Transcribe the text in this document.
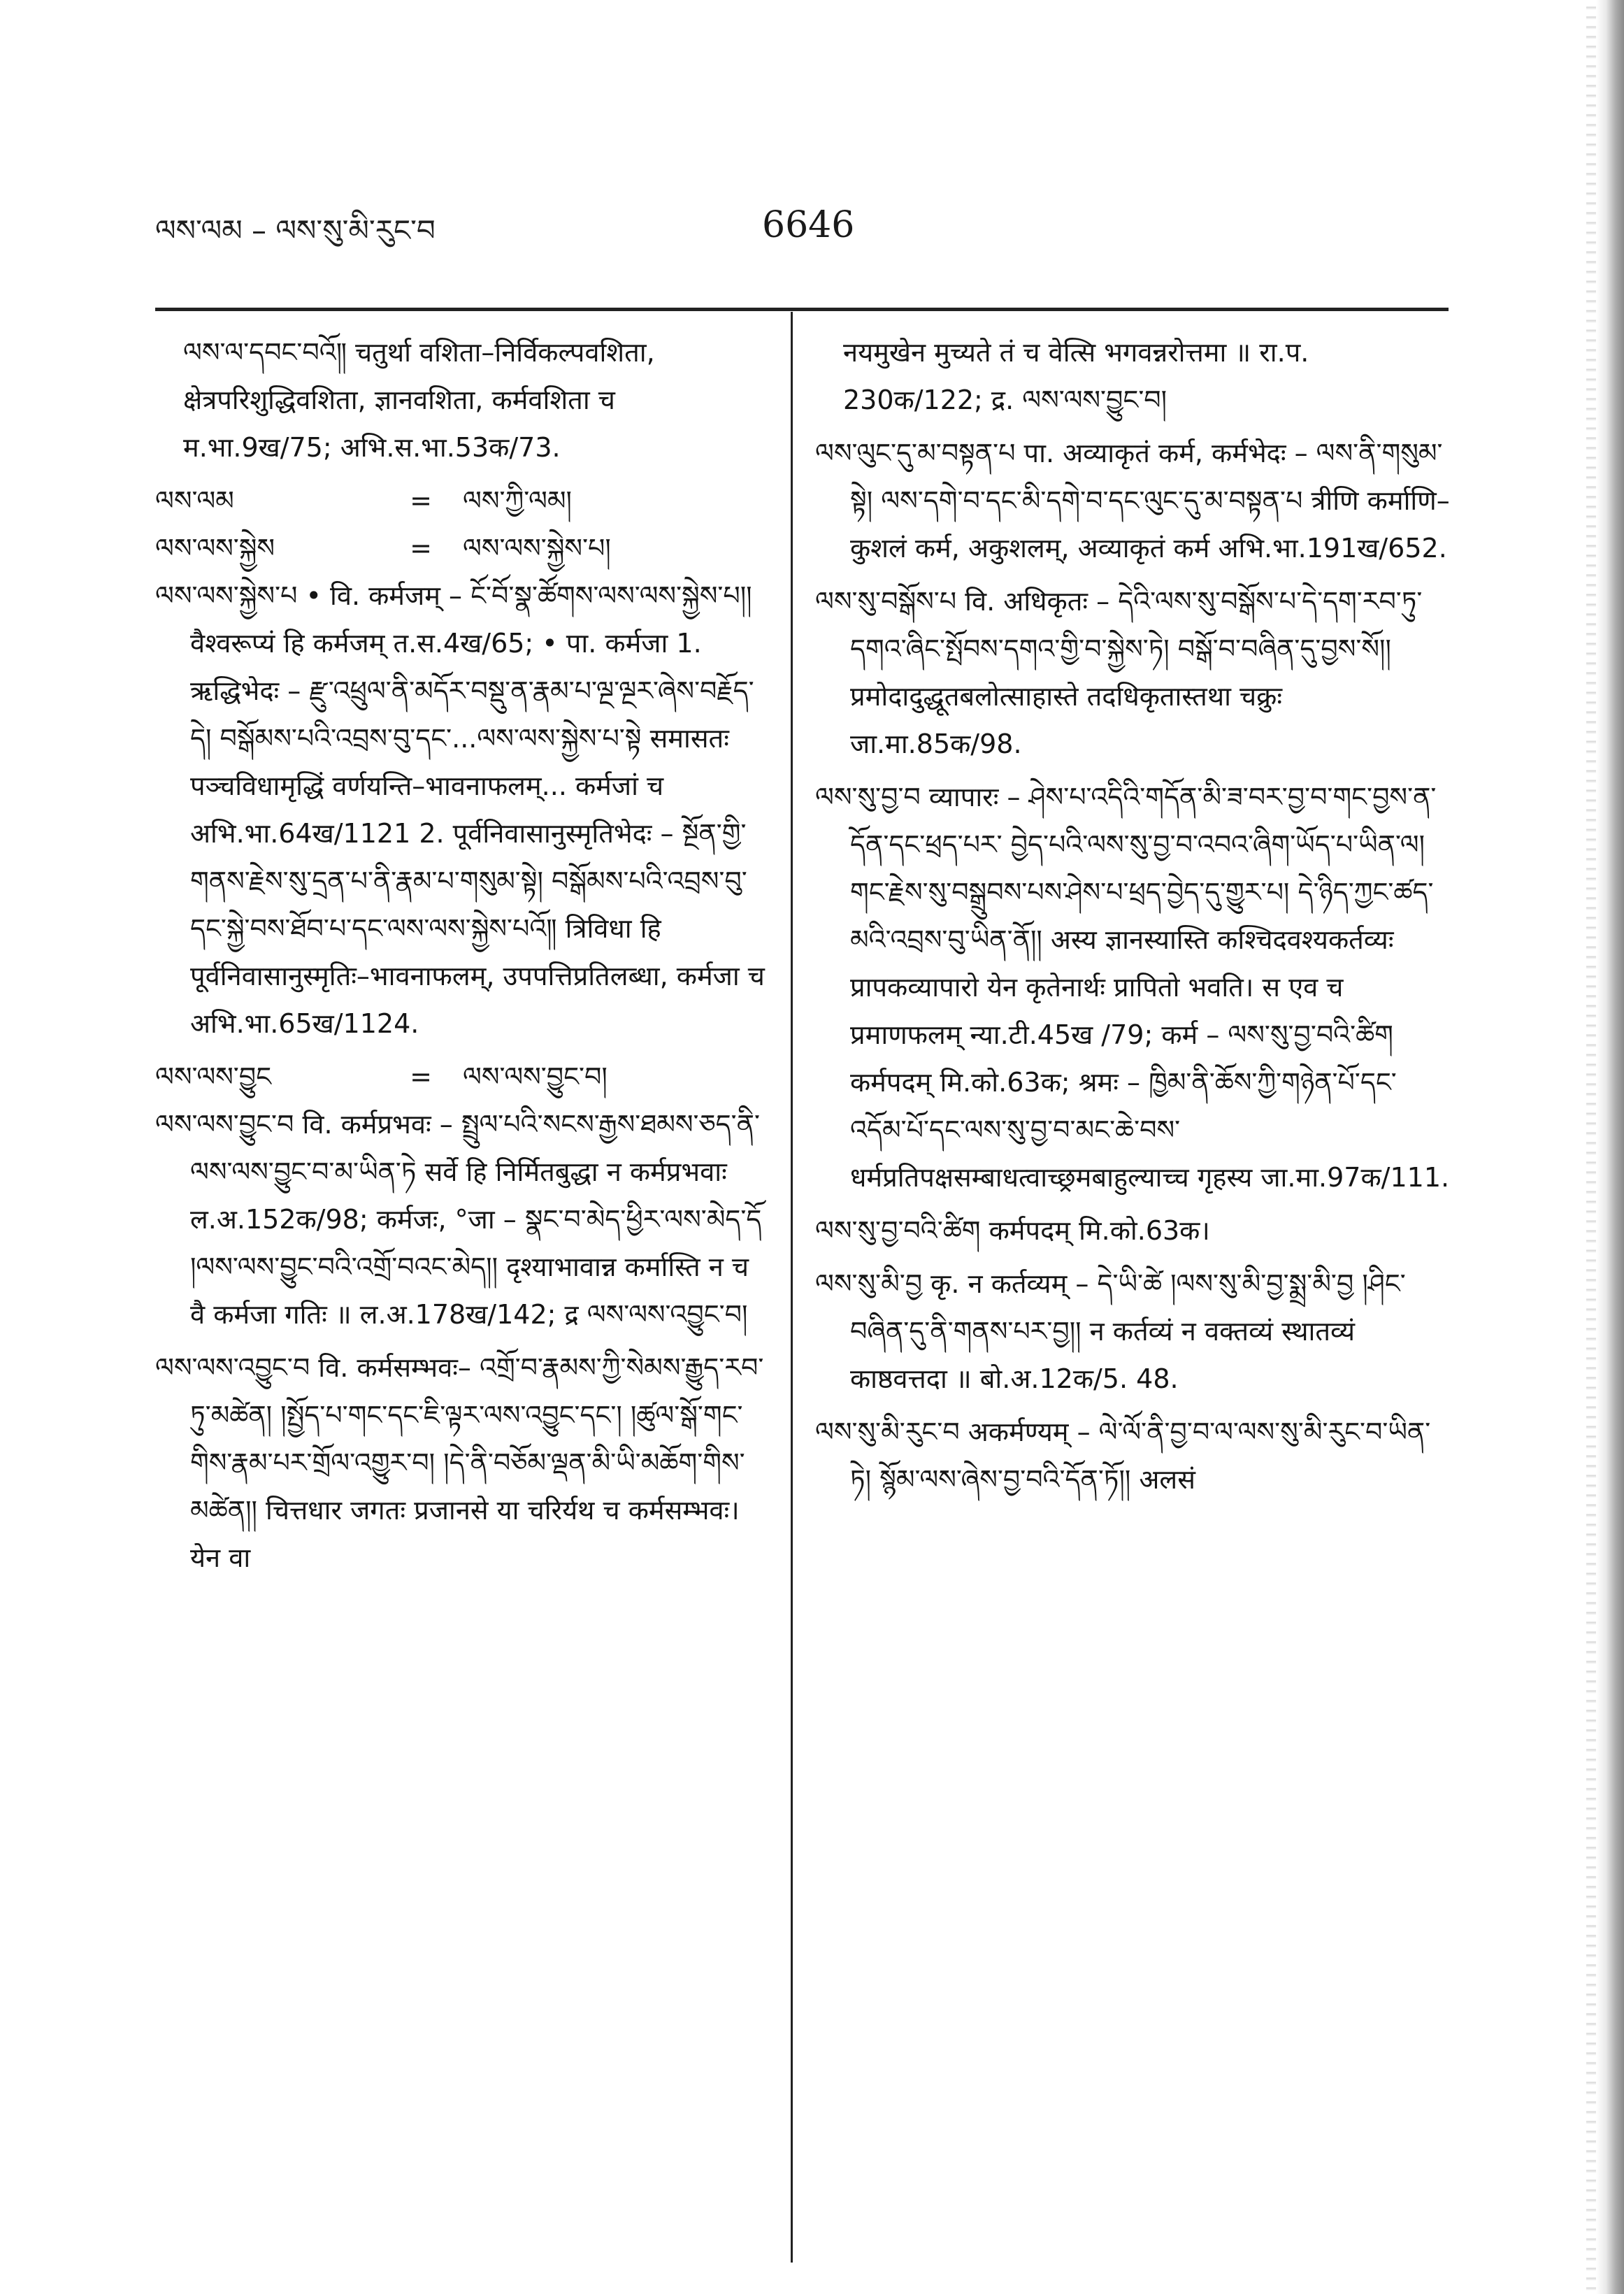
ལས་ལམ – ལས་སུ་མི་རུང་བ	6646

ལས་ལ་དབང་བའོ༎ चतुर्था वशिता–निर्विकल्पवशिता, क्षेत्रपरिशुद्धिवशिता, ज्ञानवशिता, कर्मवशिता च म.भा.9ख/75; अभि.स.भा.53क/73.

ལས་ལམ	=	ལས་ཀྱི་ལམ།
ལས་ལས་སྐྱེས	=	ལས་ལས་སྐྱེས་པ།

ལས་ལས་སྐྱེས་པ • वि. कर्मजम् – ངོ་བོ་སྣ་ཚོགས་ལས་ལས་སྐྱེས་པ།། वैश्वरूप्यं हि कर्मजम् त.स.4ख/65; • पा. कर्मजा 1. ऋद्धिभेदः – རྫུ་འཕྲུལ་ནི་མདོར་བསྡུ་ན་རྣམ་པ་ལྔ་ལྔར་ཞེས་བརྗོད་དེ། བསྒོམས་པའི་འབྲས་བུ་དང་...ལས་ལས་སྐྱེས་པ་སྟེ समासतः पञ्चविधामृद्धिं वर्णयन्ति–भावनाफलम्... कर्मजां च अभि.भा.64ख/1121 2. पूर्वनिवासानुस्मृतिभेदः – སྔོན་གྱི་གནས་རྗེས་སུ་དྲན་པ་ནི་རྣམ་པ་གསུམ་སྟེ། བསྒོམས་པའི་འབྲས་བུ་དང་སྐྱེ་བས་ཐོབ་པ་དང་ལས་ལས་སྐྱེས་པའོ༎ त्रिविधा हि पूर्वनिवासानुस्मृतिः–भावनाफलम्, उपपत्तिप्रतिलब्धा, कर्मजा च अभि.भा.65ख/1124.

ལས་ལས་བྱུང	=	ལས་ལས་བྱུང་བ།

ལས་ལས་བྱུང་བ वि. कर्मप्रभवः – སྤྲུལ་པའི་སངས་རྒྱས་ཐམས་ཅད་ནི་ལས་ལས་བྱུང་བ་མ་ཡིན་ཏེ सर्वे हि निर्मितबुद्धा न कर्मप्रभवाः ल.अ.152क/98; कर्मजः, °जा – སྣང་བ་མེད་ཕྱིར་ལས་མེད་དོ །ལས་ལས་བྱུང་བའི་འགྲོ་བའང་མེད།། दृश्याभावान्न कर्मास्ति न च वै कर्मजा गतिः ॥ ल.अ.178ख/142; द्र ལས་ལས་འབྱུང་བ།

ལས་ལས་འབྱུང་བ वि. कर्मसम्भवः– འགྲོ་བ་རྣམས་ཀྱི་སེམས་རྒྱུད་རབ་ཏུ་མཚེན། །སྤྱོད་པ་གང་དང་ཇི་ལྟར་ལས་འབྱུང་དང་། །ཚུལ་སྒོ་གང་གིས་རྣམ་པར་གྲོལ་འགྱུར་བ། །དེ་ནི་བཅོམ་ལྡན་མི་ཡི་མཆོག་གིས་མཚེན།། चित्तधार जगतः प्रजानसे या चरिर्यथ च कर्मसम्भवः। येन वा

नयमुखेन मुच्यते तं च वेत्सि भगवन्नरोत्तमा ॥ रा.प. 230क/122; द्र. ལས་ལས་བྱུང་བ།

ལས་ལུང་དུ་མ་བསྟན་པ पा. अव्याकृतं कर्म, कर्मभेदः – ལས་ནི་གསུམ་སྟེ། ལས་དགེ་བ་དང་མི་དགེ་བ་དང་ལུང་དུ་མ་བསྟན་པ त्रीणि कर्माणि–कुशलं कर्म, अकुशलम्, अव्याकृतं कर्म अभि.भा.191ख/652.

ལས་སུ་བསྒོས་པ वि. अधिकृतः – དེའི་ལས་སུ་བསྒོས་པ་དེ་དག་རབ་ཏུ་དགའ་ཞིང་སྤོབས་དགའ་གྱི་བ་སྐྱེས་ཏེ། བསྒོ་བ་བཞིན་དུ་བྱས་སོ།། प्रमोदादुद्धूतबलोत्साहास्ते तदधिकृतास्तथा चक्रुः जा.मा.85क/98.

ལས་སུ་བྱ་བ व्यापारः – ཤེས་པ་འདིའི་གདོན་མི་ཟ་བར་བྱ་བ་གང་བྱས་ན་དོན་དང་ཕྲད་པར་ བྱེད་པའི་ལས་སུ་བྱ་བ་འབའ་ཞིག་ཡོད་པ་ཡིན་ལ། གང་རྗེས་སུ་བསྒྲུབས་པས་ཤེས་པ་ཕྲད་བྱེད་དུ་གྱུར་པ། དེ་ཉིད་ཀྱང་ཚད་མའི་འབྲས་བུ་ཡིན་ནོ།། अस्य ज्ञानस्यास्ति कश्चिदवश्यकर्तव्यः प्रापकव्यापारो येन कृतेनार्थः प्रापितो भवति। स एव च प्रमाणफलम् न्या.टी.45ख /79; कर्म – ལས་སུ་བྱ་བའི་ཚིག कर्मपदम् मि.को.63क; श्रमः – ཁྱིམ་ནི་ཆོས་ཀྱི་གཉེན་པོ་དང་འདོམ་པོ་དང་ལས་སུ་བྱ་བ་མང་ཆེ་བས་ धर्मप्रतिपक्षसम्बाधत्वाच्छ्रमबाहुल्याच्च गृहस्य जा.मा.97क/111.

ལས་སུ་བྱ་བའི་ཚིག कर्मपदम् मि.को.63क।

ལས་སུ་མི་བྱ कृ. न कर्तव्यम् – དེ་ཡི་ཚེ །ལས་སུ་མི་བྱ་སྨྲ་མི་བྱ །ཤིང་བཞིན་དུ་ནི་གནས་པར་བྱ།། न कर्तव्यं न वक्तव्यं स्थातव्यं काष्ठवत्तदा ॥ बो.अ.12क/5. 48.

ལས་སུ་མི་རུང་བ अकर्मण्यम् – ལེ་ལོ་ནི་བྱ་བ་ལ་ལས་སུ་མི་རུང་བ་ཡིན་ཏེ། སྙོམ་ལས་ཞེས་བྱ་བའི་དོན་ཏོ།། अलसं
